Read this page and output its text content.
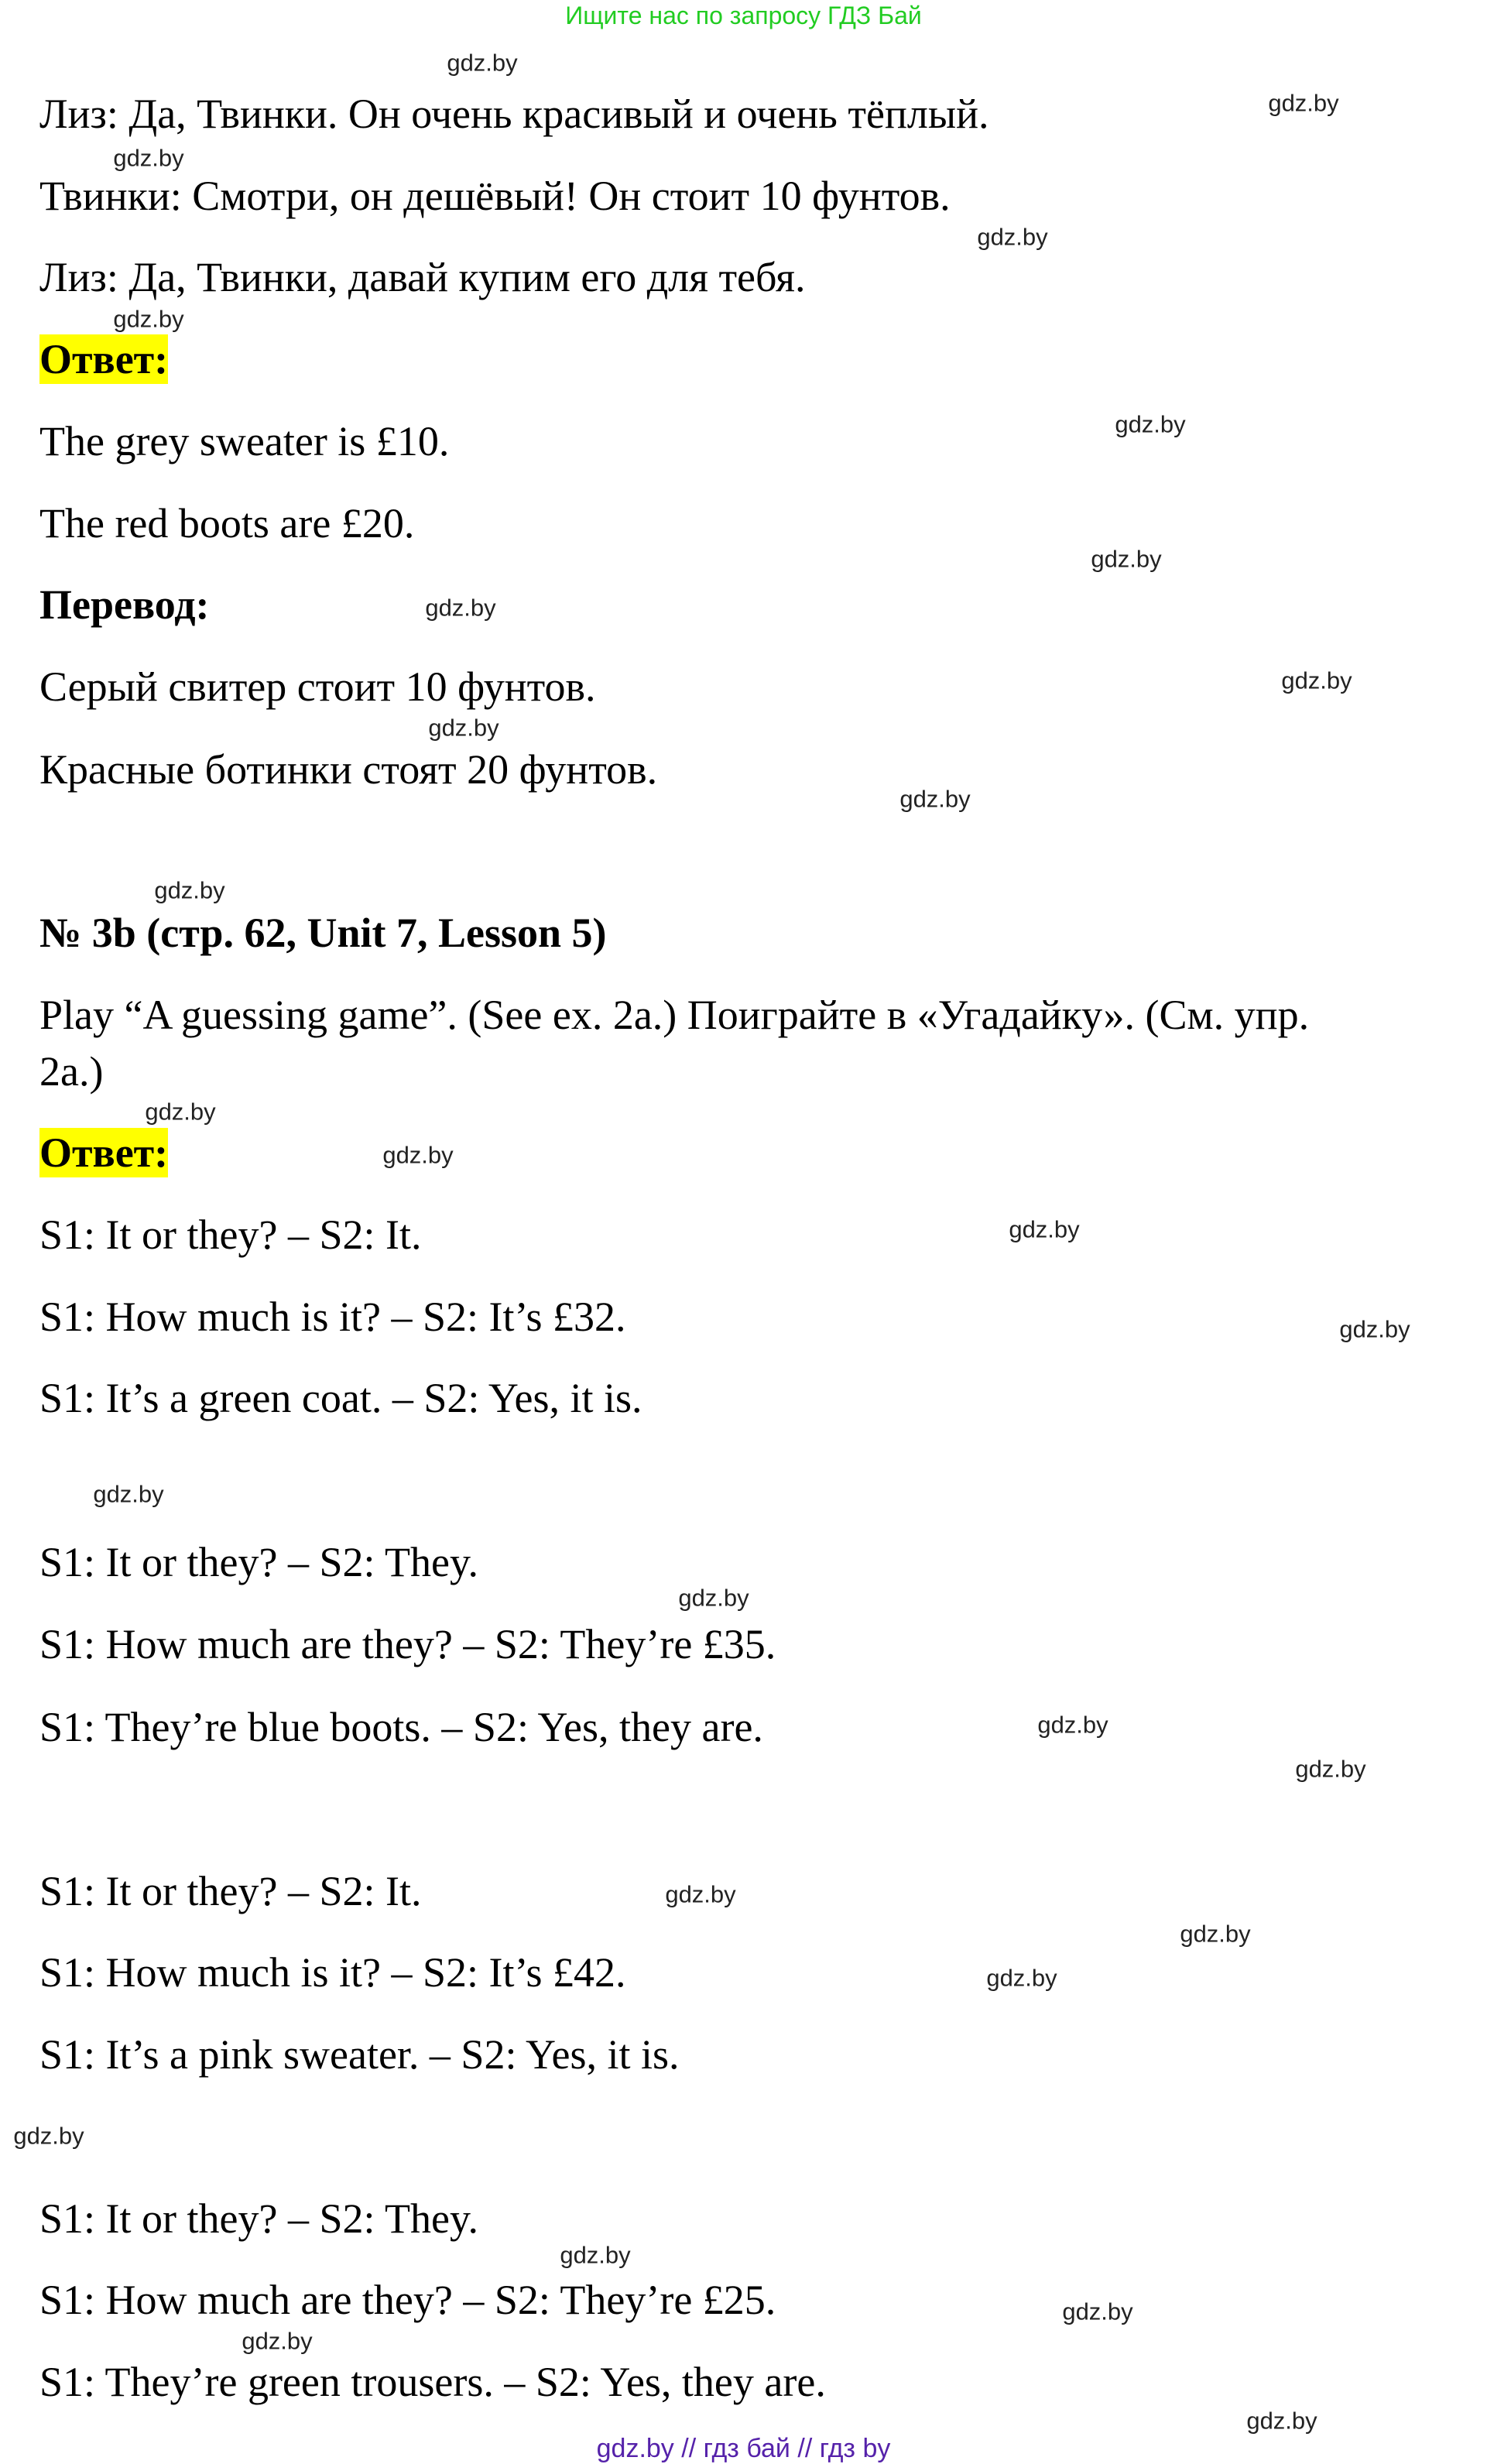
Ищите нас по запросу ГДЗ Бай
Лиз: Да, Твинки. Он очень красивый и очень тёплый.
Твинки: Смотри, он дешёвый! Он стоит 10 фунтов.
Лиз: Да, Твинки, давай купим его для тебя.
Ответ:
The grey sweater is £10.
The red boots are £20.
Перевод:
Серый свитер стоит 10 фунтов.
Красные ботинки стоят 20 фунтов.
№ 3b (стр. 62, Unit 7, Lesson 5)
Play “A guessing game”. (See ex. 2a.) Поиграйте в «Угадайку». (См. упр.
2a.)
Ответ:
S1: It or they? – S2: It.
S1: How much is it? – S2: It’s £32.
S1: It’s a green coat. – S2: Yes, it is.
S1: It or they? – S2: They.
S1: How much are they? – S2: They’re £35.
S1: They’re blue boots. – S2: Yes, they are.
S1: It or they? – S2: It.
S1: How much is it? – S2: It’s £42.
S1: It’s a pink sweater. – S2: Yes, it is.
S1: It or they? – S2: They.
S1: How much are they? – S2: They’re £25.
S1: They’re green trousers. – S2: Yes, they are.
gdz.by
gdz.by
gdz.by
gdz.by
gdz.by
gdz.by
gdz.by
gdz.by
gdz.by
gdz.by
gdz.by
gdz.by
gdz.by
gdz.by
gdz.by
gdz.by
gdz.by
gdz.by
gdz.by
gdz.by
gdz.by
gdz.by
gdz.by
gdz.by
gdz.by
gdz.by
gdz.by
gdz.by
gdz.by // гдз бай // гдз by
